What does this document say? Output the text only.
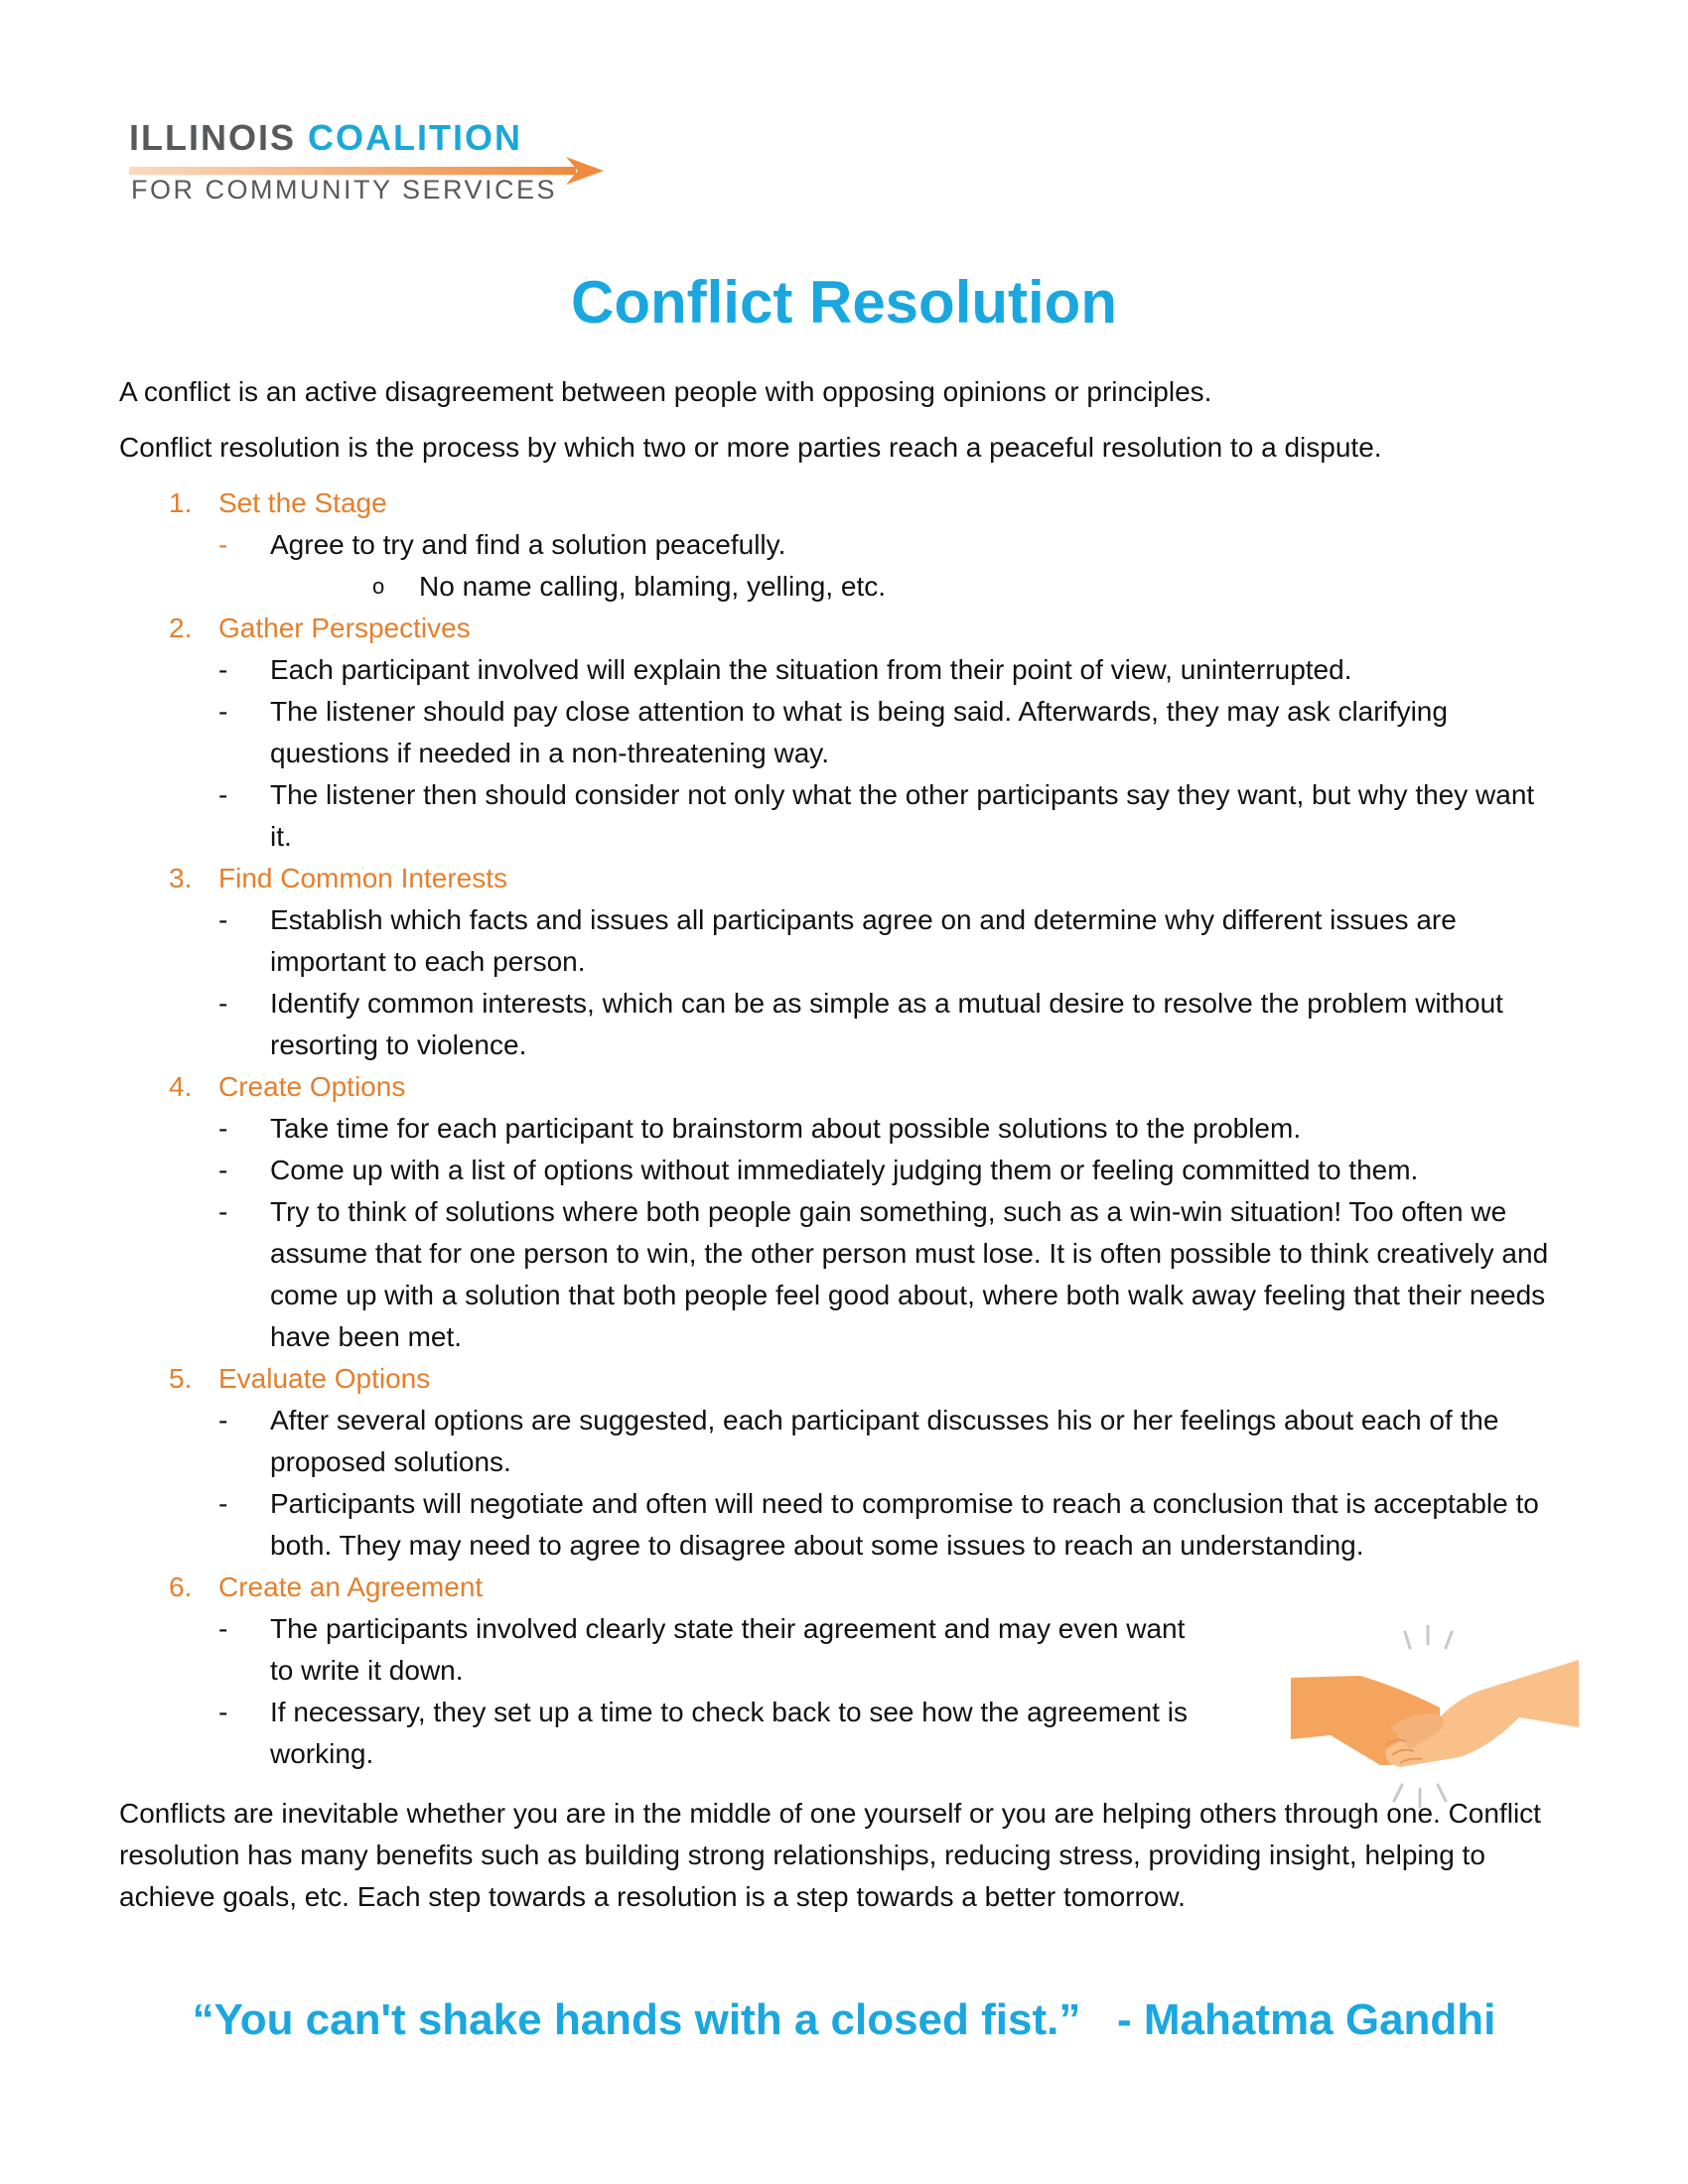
ILLINOIS COALITION
FOR COMMUNITY SERVICES
Conflict Resolution

A conflict is an active disagreement between people with opposing opinions or principles.

Conflict resolution is the process by which two or more parties reach a peaceful resolution to a dispute.

1. Set the Stage
- Agree to try and find a solution peacefully.
o No name calling, blaming, yelling, etc.
2. Gather Perspectives
- Each participant involved will explain the situation from their point of view, uninterrupted.
- The listener should pay close attention to what is being said. Afterwards, they may ask clarifying questions if needed in a non-threatening way.
- The listener then should consider not only what the other participants say they want, but why they want it.
3. Find Common Interests
- Establish which facts and issues all participants agree on and determine why different issues are important to each person.
- Identify common interests, which can be as simple as a mutual desire to resolve the problem without resorting to violence.
4. Create Options
- Take time for each participant to brainstorm about possible solutions to the problem.
- Come up with a list of options without immediately judging them or feeling committed to them.
- Try to think of solutions where both people gain something, such as a win-win situation! Too often we assume that for one person to win, the other person must lose. It is often possible to think creatively and come up with a solution that both people feel good about, where both walk away feeling that their needs have been met.
5. Evaluate Options
- After several options are suggested, each participant discusses his or her feelings about each of the proposed solutions.
- Participants will negotiate and often will need to compromise to reach a conclusion that is acceptable to both. They may need to agree to disagree about some issues to reach an understanding.
6. Create an Agreement
- The participants involved clearly state their agreement and may even want to write it down.
- If necessary, they set up a time to check back to see how the agreement is working.

Conflicts are inevitable whether you are in the middle of one yourself or you are helping others through one. Conflict resolution has many benefits such as building strong relationships, reducing stress, providing insight, helping to achieve goals, etc. Each step towards a resolution is a step towards a better tomorrow.

“You can't shake hands with a closed fist.”   - Mahatma Gandhi
